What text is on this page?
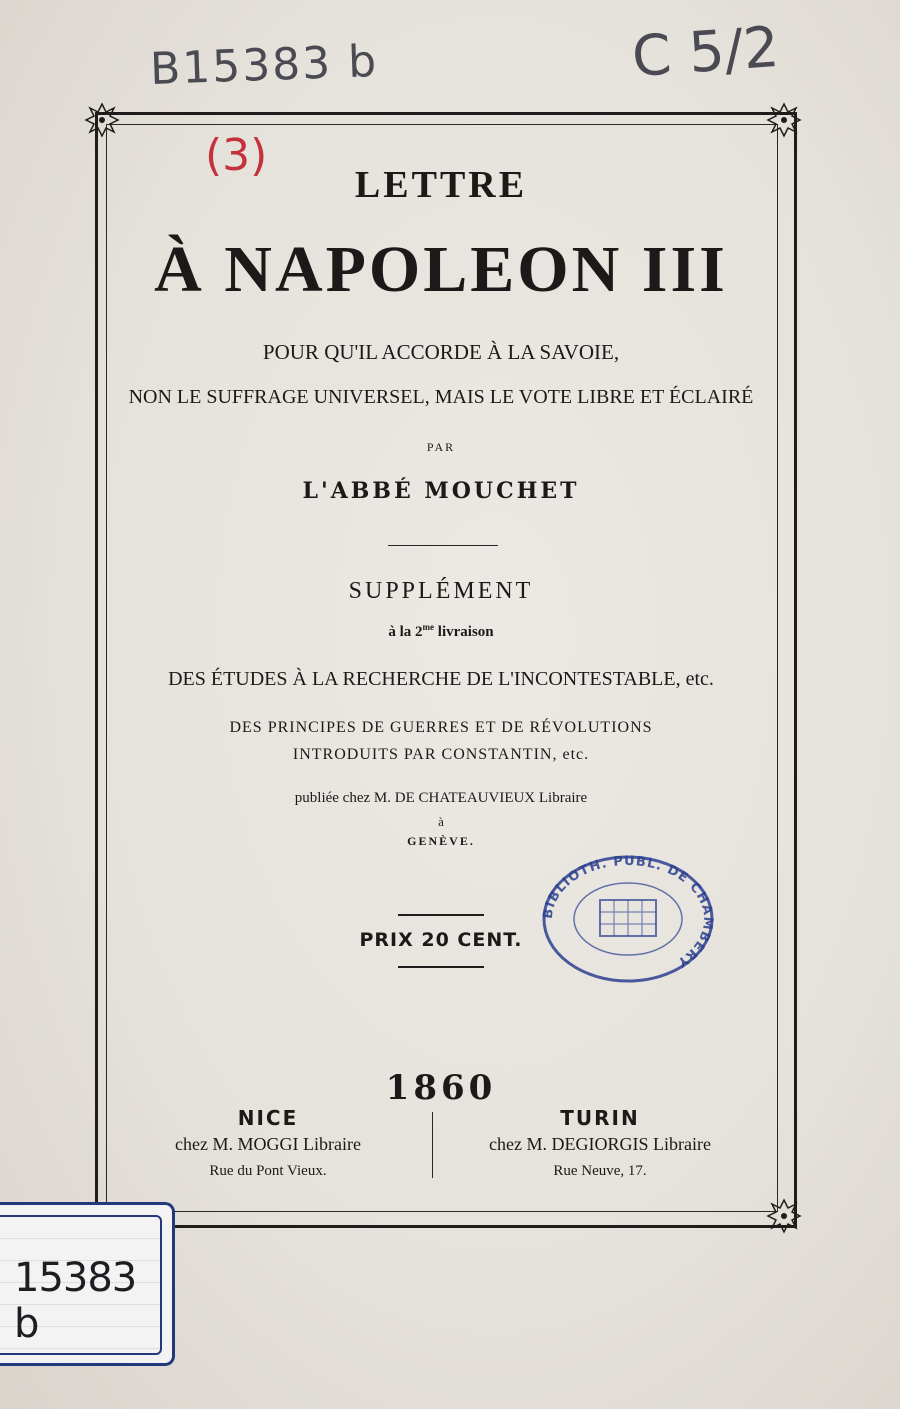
B15383 b	C 5/2
(3)
LETTRE
À NAPOLEON III
POUR QU'IL ACCORDE À LA SAVOIE,
NON LE SUFFRAGE UNIVERSEL, MAIS LE VOTE LIBRE ET ÉCLAIRÉ
PAR
L'ABBÉ MOUCHET
SUPPLÉMENT
à la $2^{me}$ livraison
DES ÉTUDES À LA RECHERCHE DE L'INCONTESTABLE, etc.
DES PRINCIPES DE GUERRES ET DE RÉVOLUTIONS
INTRODUITS PAR CONSTANTIN, etc.
publiée chez M. DE CHATEAUVIEUX Libraire
à
GENÈVE.
PRIX 20 CENT.
1860
NICE
chez M. MOGGI Libraire
Rue du Pont Vieux.
TURIN
chez M. DEGIORGIS Libraire
Rue Neuve, 17.
BIBLIOTH. PUBL. DE CHAMBERY
15383 b
